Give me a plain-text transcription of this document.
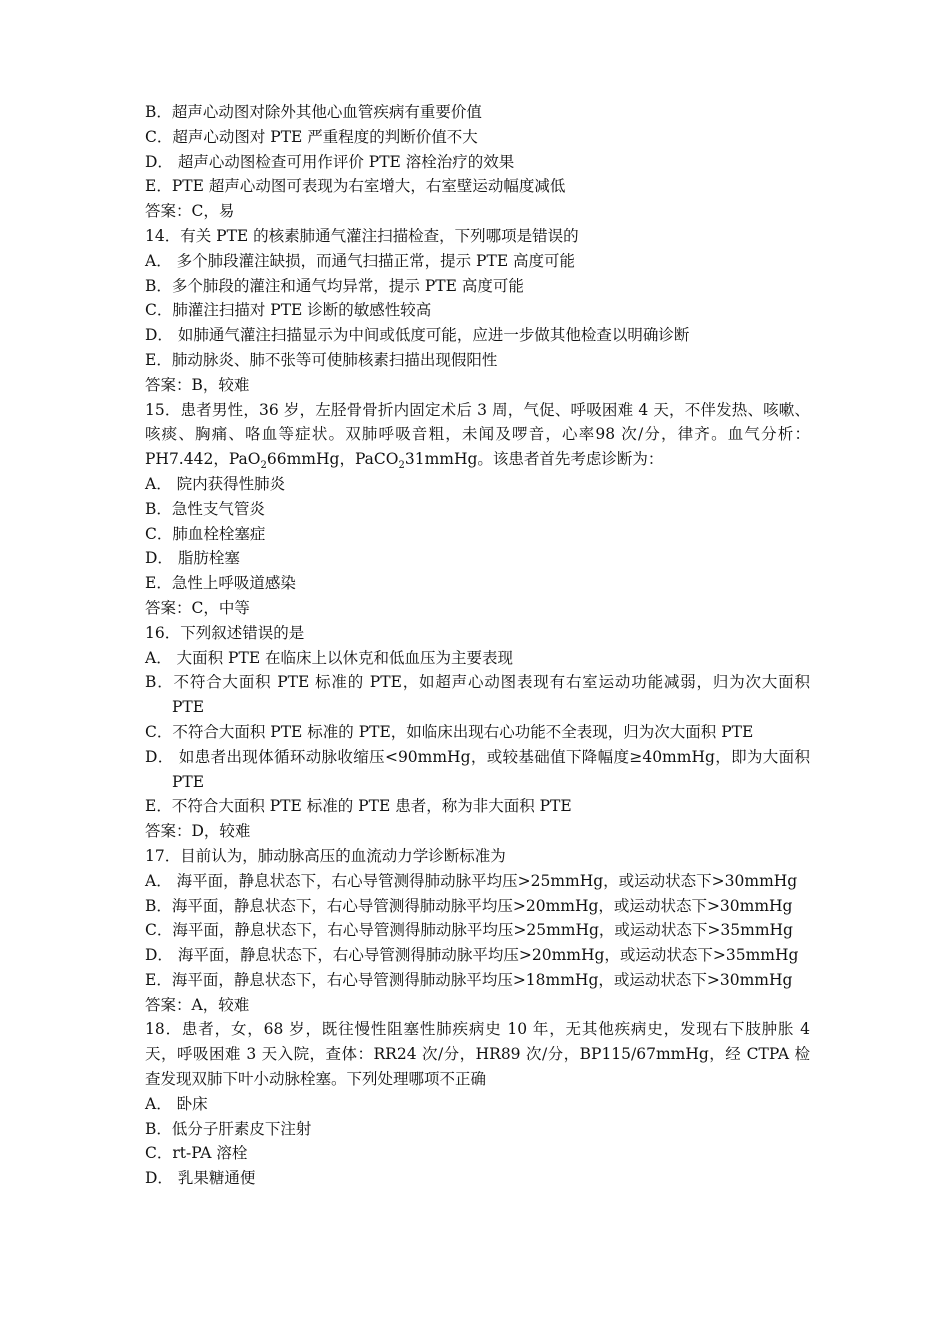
B．超声心动图对除外其他心血管疾病有重要价值
C．超声心动图对 PTE 严重程度的判断价值不大
D． 超声心动图检查可用作评价 PTE 溶栓治疗的效果
E．PTE 超声心动图可表现为右室增大，右室壁运动幅度减低
答案：C，易
14．有关 PTE 的核素肺通气灌注扫描检查，下列哪项是错误的
A． 多个肺段灌注缺损，而通气扫描正常，提示 PTE 高度可能
B．多个肺段的灌注和通气均异常，提示 PTE 高度可能
C．肺灌注扫描对 PTE 诊断的敏感性较高
D． 如肺通气灌注扫描显示为中间或低度可能，应进一步做其他检查以明确诊断
E．肺动脉炎、肺不张等可使肺核素扫描出现假阳性
答案：B，较难
15．患者男性，36 岁，左胫骨骨折内固定术后 3 周，气促、呼吸困难 4 天，不伴发热、咳嗽、咳痰、胸痛、咯血等症状。双肺呼吸音粗，未闻及啰音，心率98 次/分，律齐。血气分析：PH7.442，PaO$_2$66mmHg，PaCO$_2$31mmHg。该患者首先考虑诊断为：
A． 院内获得性肺炎
B．急性支气管炎
C．肺血栓栓塞症
D． 脂肪栓塞
E．急性上呼吸道感染
答案：C，中等
16．下列叙述错误的是
A． 大面积 PTE 在临床上以休克和低血压为主要表现
B．不符合大面积 PTE 标准的 PTE，如超声心动图表现有右室运动功能减弱，归为次大面积 PTE
C．不符合大面积 PTE 标准的 PTE，如临床出现右心功能不全表现，归为次大面积 PTE
D． 如患者出现体循环动脉收缩压<90mmHg，或较基础值下降幅度≥40mmHg，即为大面积 PTE
E．不符合大面积 PTE 标准的 PTE 患者，称为非大面积 PTE
答案：D，较难
17．目前认为，肺动脉高压的血流动力学诊断标准为
A． 海平面，静息状态下，右心导管测得肺动脉平均压>25mmHg，或运动状态下>30mmHg
B．海平面，静息状态下，右心导管测得肺动脉平均压>20mmHg，或运动状态下>30mmHg
C．海平面，静息状态下，右心导管测得肺动脉平均压>25mmHg，或运动状态下>35mmHg
D． 海平面，静息状态下，右心导管测得肺动脉平均压>20mmHg，或运动状态下>35mmHg
E．海平面，静息状态下，右心导管测得肺动脉平均压>18mmHg，或运动状态下>30mmHg
答案：A，较难
18．患者，女，68 岁，既往慢性阻塞性肺疾病史 10 年，无其他疾病史，发现右下肢肿胀 4 天，呼吸困难 3 天入院，查体：RR24 次/分，HR89 次/分，BP115/67mmHg，经 CTPA 检查发现双肺下叶小动脉栓塞。下列处理哪项不正确
A． 卧床
B．低分子肝素皮下注射
C．rt-PA 溶栓
D． 乳果糖通便
